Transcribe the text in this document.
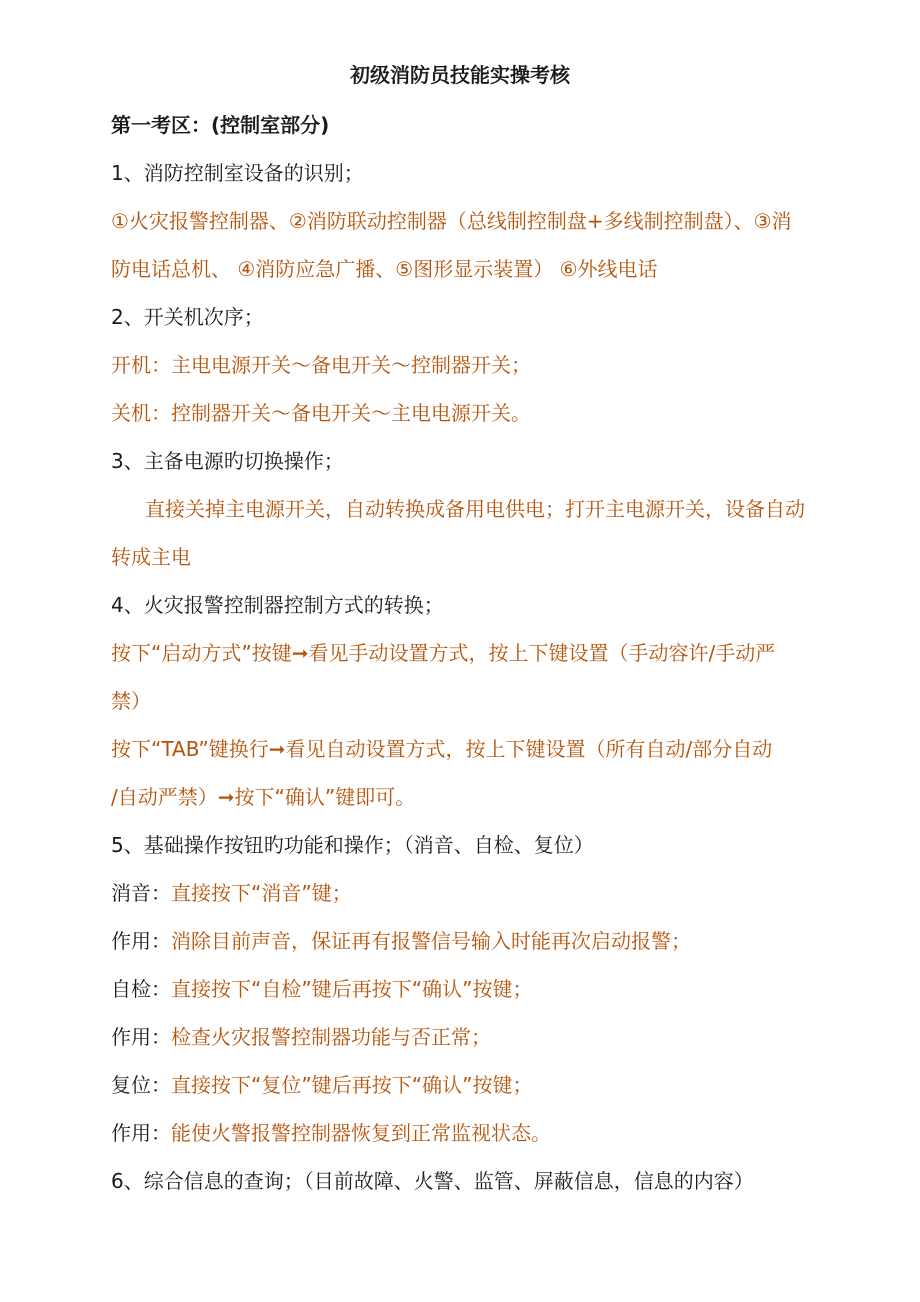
初级消防员技能实操考核
第一考区：(控制室部分)
1、消防控制室设备的识别；
①火灾报警控制器、②消防联动控制器（总线制控制盘+多线制控制盘）、③消
防电话总机、 ④消防应急广播、⑤图形显示装置） ⑥外线电话
2、开关机次序；
开机：主电电源开关～备电开关～控制器开关；
关机：控制器开关～备电开关～主电电源开关。
3、主备电源旳切换操作；
直接关掉主电源开关，自动转换成备用电供电；打开主电源开关，设备自动
转成主电
4、火灾报警控制器控制方式的转换；
按下“启动方式”按键➞看见手动设置方式，按上下键设置（手动容许/手动严
禁）
按下“TAB”键换行➞看见自动设置方式，按上下键设置（所有自动/部分自动
/自动严禁）➞按下“确认”键即可。
5、基础操作按钮旳功能和操作；（消音、自检、复位）
消音：直接按下“消音”键；
作用：消除目前声音，保证再有报警信号输入时能再次启动报警；
自检：直接按下“自检”键后再按下“确认”按键；
作用：检查火灾报警控制器功能与否正常；
复位：直接按下“复位”键后再按下“确认”按键；
作用：能使火警报警控制器恢复到正常监视状态。
6、综合信息的查询；（目前故障、火警、监管、屏蔽信息，信息的内容）
